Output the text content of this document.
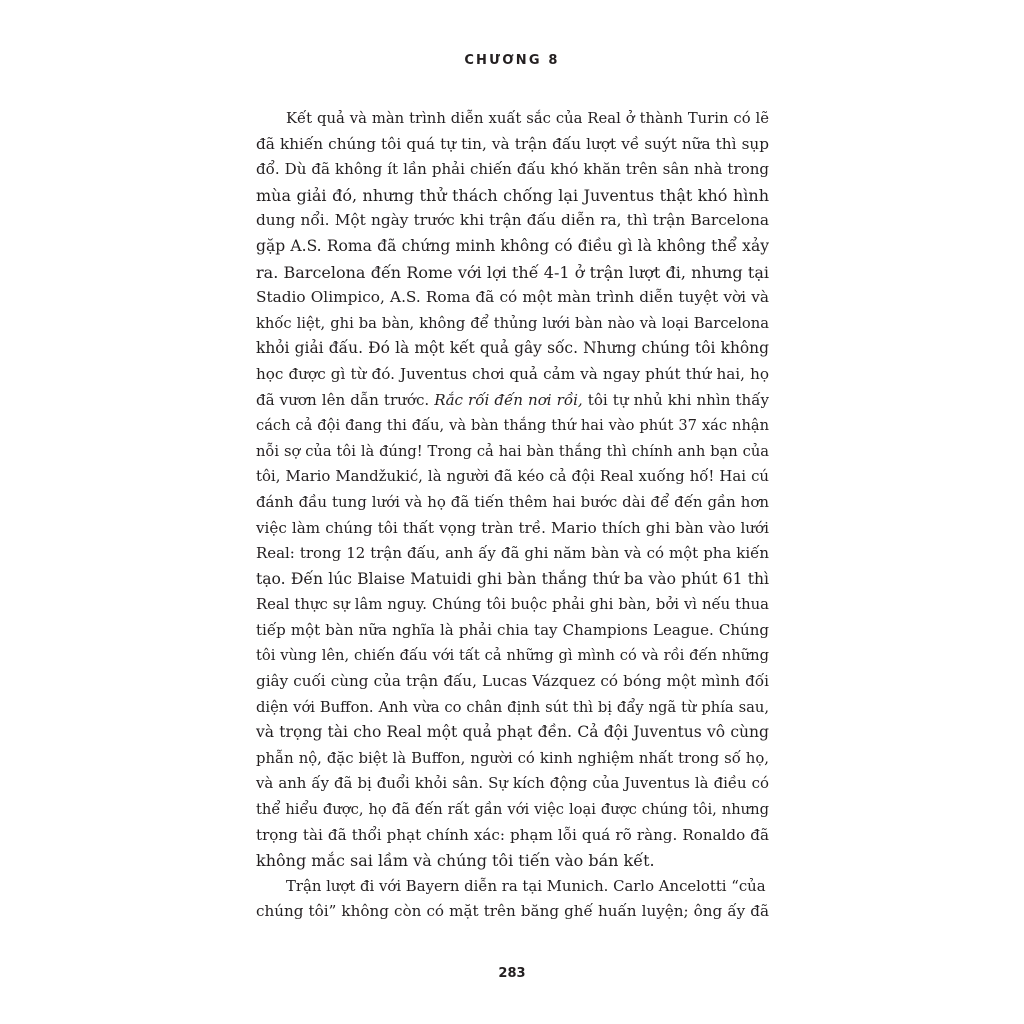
CHƯƠNG 8
Kết quả và màn trình diễn xuất sắc của Real ở thành Turin có lẽ
đã khiến chúng tôi quá tự tin, và trận đấu lượt về suýt nữa thì sụp
đổ. Dù đã không ít lần phải chiến đấu khó khăn trên sân nhà trong
mùa giải đó, nhưng thử thách chống lại Juventus thật khó hình
dung nổi. Một ngày trước khi trận đấu diễn ra, thì trận Barcelona
gặp A.S. Roma đã chứng minh không có điều gì là không thể xảy
ra. Barcelona đến Rome với lợi thế 4-1 ở trận lượt đi, nhưng tại
Stadio Olimpico, A.S. Roma đã có một màn trình diễn tuyệt vời và
khốc liệt, ghi ba bàn, không để thủng lưới bàn nào và loại Barcelona
khỏi giải đấu. Đó là một kết quả gây sốc. Nhưng chúng tôi không
học được gì từ đó. Juventus chơi quả cảm và ngay phút thứ hai, họ
đã vươn lên dẫn trước. Rắc rối đến nơi rồi, tôi tự nhủ khi nhìn thấy
cách cả đội đang thi đấu, và bàn thắng thứ hai vào phút 37 xác nhận
nỗi sợ của tôi là đúng! Trong cả hai bàn thắng thì chính anh bạn của
tôi, Mario Mandžukić, là người đã kéo cả đội Real xuống hố! Hai cú
đánh đầu tung lưới và họ đã tiến thêm hai bước dài để đến gần hơn
việc làm chúng tôi thất vọng tràn trề. Mario thích ghi bàn vào lưới
Real: trong 12 trận đấu, anh ấy đã ghi năm bàn và có một pha kiến
tạo. Đến lúc Blaise Matuidi ghi bàn thắng thứ ba vào phút 61 thì
Real thực sự lâm nguy. Chúng tôi buộc phải ghi bàn, bởi vì nếu thua
tiếp một bàn nữa nghĩa là phải chia tay Champions League. Chúng
tôi vùng lên, chiến đấu với tất cả những gì mình có và rồi đến những
giây cuối cùng của trận đấu, Lucas Vázquez có bóng một mình đối
diện với Buffon. Anh vừa co chân định sút thì bị đẩy ngã từ phía sau,
và trọng tài cho Real một quả phạt đền. Cả đội Juventus vô cùng
phẫn nộ, đặc biệt là Buffon, người có kinh nghiệm nhất trong số họ,
và anh ấy đã bị đuổi khỏi sân. Sự kích động của Juventus là điều có
thể hiểu được, họ đã đến rất gần với việc loại được chúng tôi, nhưng
trọng tài đã thổi phạt chính xác: phạm lỗi quá rõ ràng. Ronaldo đã
không mắc sai lầm và chúng tôi tiến vào bán kết.
Trận lượt đi với Bayern diễn ra tại Munich. Carlo Ancelotti “của
chúng tôi” không còn có mặt trên băng ghế huấn luyện; ông ấy đã
283
